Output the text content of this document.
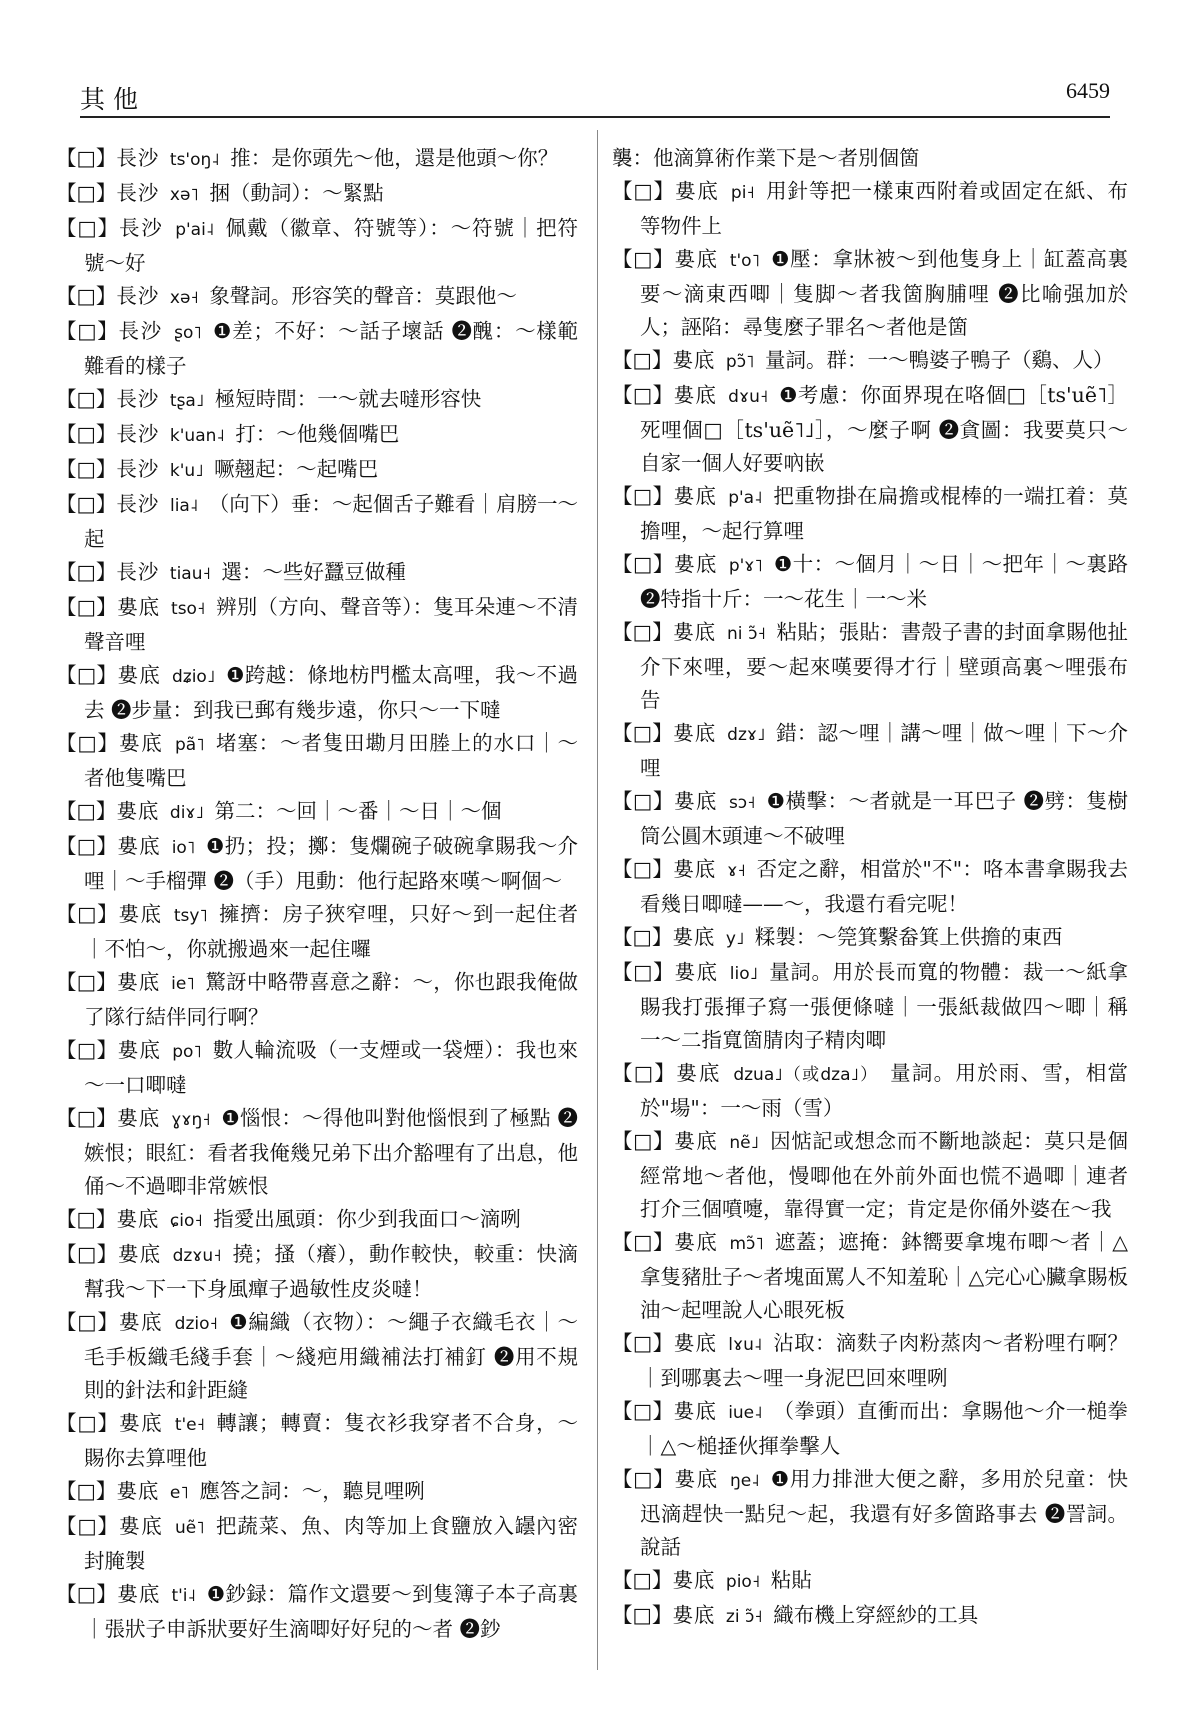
其他	6459

【□】長沙 ts'oŋ˨ 推：是你頭先～他，還是他頭～你？

【□】長沙 xə˥ 捆（動詞）：～緊點

【□】長沙 p'ai˨ 佩戴（徽章、符號等）：～符號｜把符號～好

【□】長沙 xə˧ 象聲詞。形容笑的聲音：莫跟他～

【□】長沙 ʂo˥ ❶差；不好：～話子壞話 ❷醜：～樣範難看的樣子

【□】長沙 tʂa˩ 極短時間：一～就去噠形容快

【□】長沙 k'uan˨ 打：～他幾個嘴巴

【□】長沙 k'u˩ 噘翹起：～起嘴巴

【□】長沙 lia˨ （向下）垂：～起個舌子難看｜肩膀一～起

【□】長沙 tiau˧ 選：～些好蠶豆做種

【□】婁底 tso˧ 辨別（方向、聲音等）：隻耳朵連～不清聲音哩

【□】婁底 dʑio˩ ❶跨越：條地枋門檻太高哩，我～不過去 ❷步量：到我已郵有幾步遠，你只～一下噠

【□】婁底 pã˥ 堵塞：～者隻田墈月田塍上的水口｜～者他隻嘴巴

【□】婁底 diɤ˩ 第二：～回｜～番｜～日｜～個

【□】婁底 io˥ ❶扔；投；擲：隻爛碗子破碗拿賜我～介哩｜～手榴彈 ❷（手）甩動：他行起路來嘆～啊個～

【□】婁底 tsy˥ 擁擠：房子狹窄哩，只好～到一起住者｜不怕～，你就搬過來一起住囉

【□】婁底 ie˥ 驚訝中略帶喜意之辭：～，你也跟我俺做了隊行結伴同行啊？

【□】婁底 po˥ 數人輪流吸（一支煙或一袋煙）：我也來～一口唧噠

【□】婁底 ɣɤŋ˧ ❶惱恨：～得他叫對他惱恨到了極點 ❷嫉恨；眼紅：看者我俺幾兄弟下出介豁哩有了出息，他俑～不過唧非常嫉恨

【□】婁底 ɕio˧ 指愛出風頭：你少到我面口～滴咧

【□】婁底 dzɤu˧ 撓；搔（癢），動作較快，較重：快滴幫我～下一下身風癉子過敏性皮炎噠！

【□】婁底 dzio˧ ❶編織（衣物）：～繩子衣織毛衣｜～毛手板織毛綫手套｜～綫疤用織補法打補釘 ❷用不規則的針法和針距縫

【□】婁底 t'e˧ 轉讓；轉賣：隻衣衫我穿者不合身，～賜你去算哩他

【□】婁底 e˥ 應答之詞：～，聽見哩咧

【□】婁底 uẽ˥ 把蔬菜、魚、肉等加上食鹽放入罎內密封腌製

【□】婁底 t'i˨ ❶鈔録：篇作文還要～到隻簿子本子高裏｜張狀子申訴狀要好生滴唧好好兒的～者 ❷鈔

襲：他滴算術作業下是～者別個箇

【□】婁底 pi˧ 用針等把一樣東西附着或固定在紙、布等物件上

【□】婁底 t'o˥ ❶壓：拿牀被～到他隻身上｜缸蓋高裏要～滴東西唧｜隻脚～者我箇胸脯哩 ❷比喻强加於人；誣陷：尋隻麼子罪名～者他是箇

【□】婁底 pɔ̃˥ 量詞。群：一～鴨婆子鴨子（鷄、人）

【□】婁底 dɤu˧ ❶考慮：你面界現在咯個□［ts'uẽ˥］死哩個□［ts'uẽ˥˩］，～麼子啊 ❷貪圖：我要莫只～自家一個人好要吶嵌

【□】婁底 p'a˨ 把重物掛在扁擔或棍棒的一端扛着：莫擔哩，～起行算哩

【□】婁底 p'ɤ˥ ❶十：～個月｜～日｜～把年｜～裏路 ❷特指十斤：一～花生｜一～米

【□】婁底 ni ɔ̃˧ 粘貼；張貼：書殼子書的封面拿賜他扯介下來哩，要～起來嘆要得才行｜壁頭高裏～哩張布告

【□】婁底 dzɤ˩ 錯：認～哩｜講～哩｜做～哩｜下～介哩

【□】婁底 sɔ˧ ❶橫擊：～者就是一耳巴子 ❷劈：隻樹筒公圓木頭連～不破哩

【□】婁底 ɤ˧ 否定之辭，相當於"不"：咯本書拿賜我去看幾日唧噠——～，我還冇看完呢！

【□】婁底 y˩ 糅製：～筦箕繫畚箕上供擔的東西

【□】婁底 lio˩ 量詞。用於長而寬的物體：裁一～紙拿賜我打張揮子寫一張便條噠｜一張紙裁做四～唧｜稱一～二指寬箇腈肉子精肉唧

【□】婁底 dzua˩（或dza˩） 量詞。用於雨、雪，相當於"場"：一～雨（雪）

【□】婁底 nẽ˩ 因惦記或想念而不斷地談起：莫只是個經常地～者他，慢唧他在外前外面也慌不過唧｜連者打介三個噴嚏，靠得實一定；肯定是你俑外婆在～我

【□】婁底 mɔ̃˥ 遮蓋；遮掩：鉢嚮要拿塊布唧～者｜△拿隻豬肚子～者塊面罵人不知羞恥｜△完心心臟拿賜板油～起哩說人心眼死板

【□】婁底 lɤu˨ 沾取：滴麩子肉粉蒸肉～者粉哩冇啊？｜到哪裏去～哩一身泥巴回來哩咧

【□】婁底 iue˨ （拳頭）直衝而出：拿賜他～介一槌拳｜△～槌𢱉伙揮拳擊人

【□】婁底 ŋe˨ ❶用力排泄大便之辭，多用於兒童：快迅滴趕快一點兒～起，我還有好多箇路事去 ❷詈詞。說話

【□】婁底 pio˧ 粘貼

【□】婁底 zi ɔ̃˧ 織布機上穿經紗的工具
